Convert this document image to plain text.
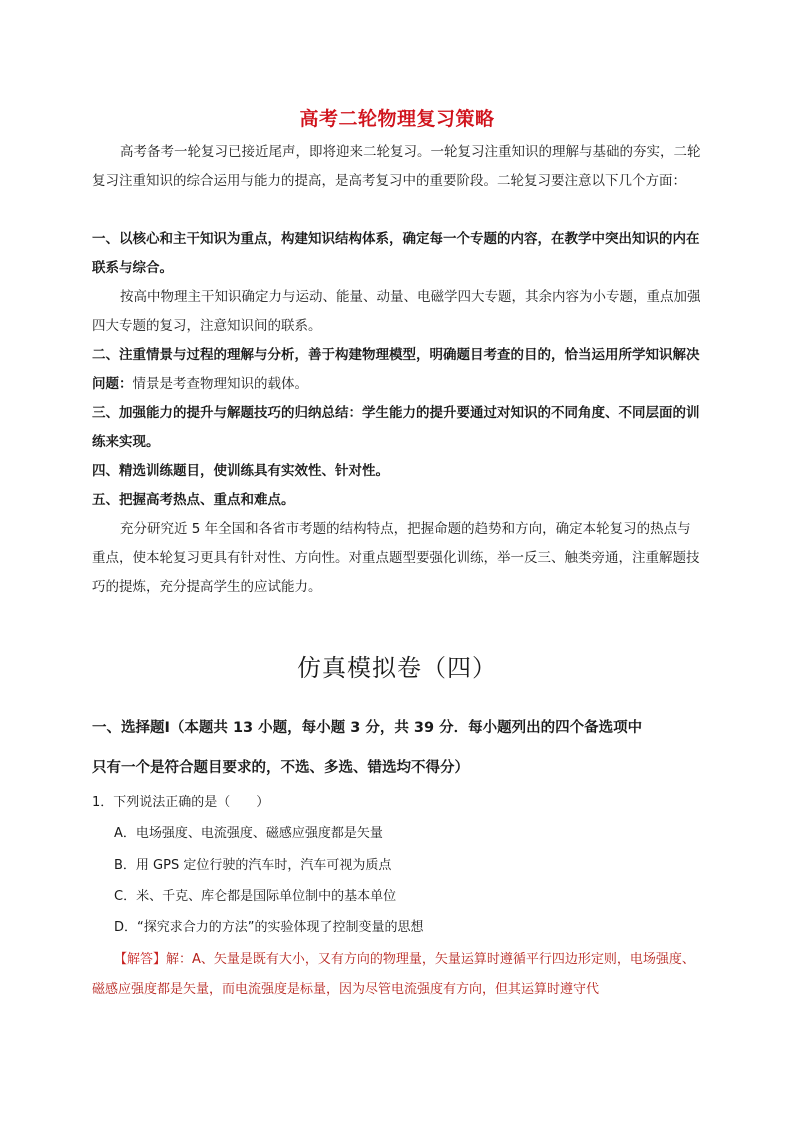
高考二轮物理复习策略
高考备考一轮复习已接近尾声，即将迎来二轮复习。一轮复习注重知识的理解与基础的夯实，二轮复习注重知识的综合运用与能力的提高，是高考复习中的重要阶段。二轮复习要注意以下几个方面：
一、以核心和主干知识为重点，构建知识结构体系，确定每一个专题的内容，在教学中突出知识的内在联系与综合。
按高中物理主干知识确定力与运动、能量、动量、电磁学四大专题，其余内容为小专题，重点加强四大专题的复习，注意知识间的联系。
二、注重情景与过程的理解与分析，善于构建物理模型，明确题目考查的目的，恰当运用所学知识解决问题：情景是考查物理知识的载体。
三、加强能力的提升与解题技巧的归纳总结：学生能力的提升要通过对知识的不同角度、不同层面的训练来实现。
四、精选训练题目，使训练具有实效性、针对性。
五、把握高考热点、重点和难点。
充分研究近 5 年全国和各省市考题的结构特点，把握命题的趋势和方向，确定本轮复习的热点与重点，使本轮复习更具有针对性、方向性。对重点题型要强化训练，举一反三、触类旁通，注重解题技巧的提炼，充分提高学生的应试能力。
仿真模拟卷（四）
一、选择题Ⅰ（本题共 13 小题，每小题 3 分，共 39 分．每小题列出的四个备选项中
只有一个是符合题目要求的，不选、多选、错选均不得分）
1．下列说法正确的是（　　）
A．电场强度、电流强度、磁感应强度都是矢量
B．用 GPS 定位行驶的汽车时，汽车可视为质点
C．米、千克、库仑都是国际单位制中的基本单位
D．“探究求合力的方法”的实验体现了控制变量的思想
【解答】解：A、矢量是既有大小，又有方向的物理量，矢量运算时遵循平行四边形定则，电场强度、磁感应强度都是矢量，而电流强度是标量，因为尽管电流强度有方向，但其运算时遵守代
